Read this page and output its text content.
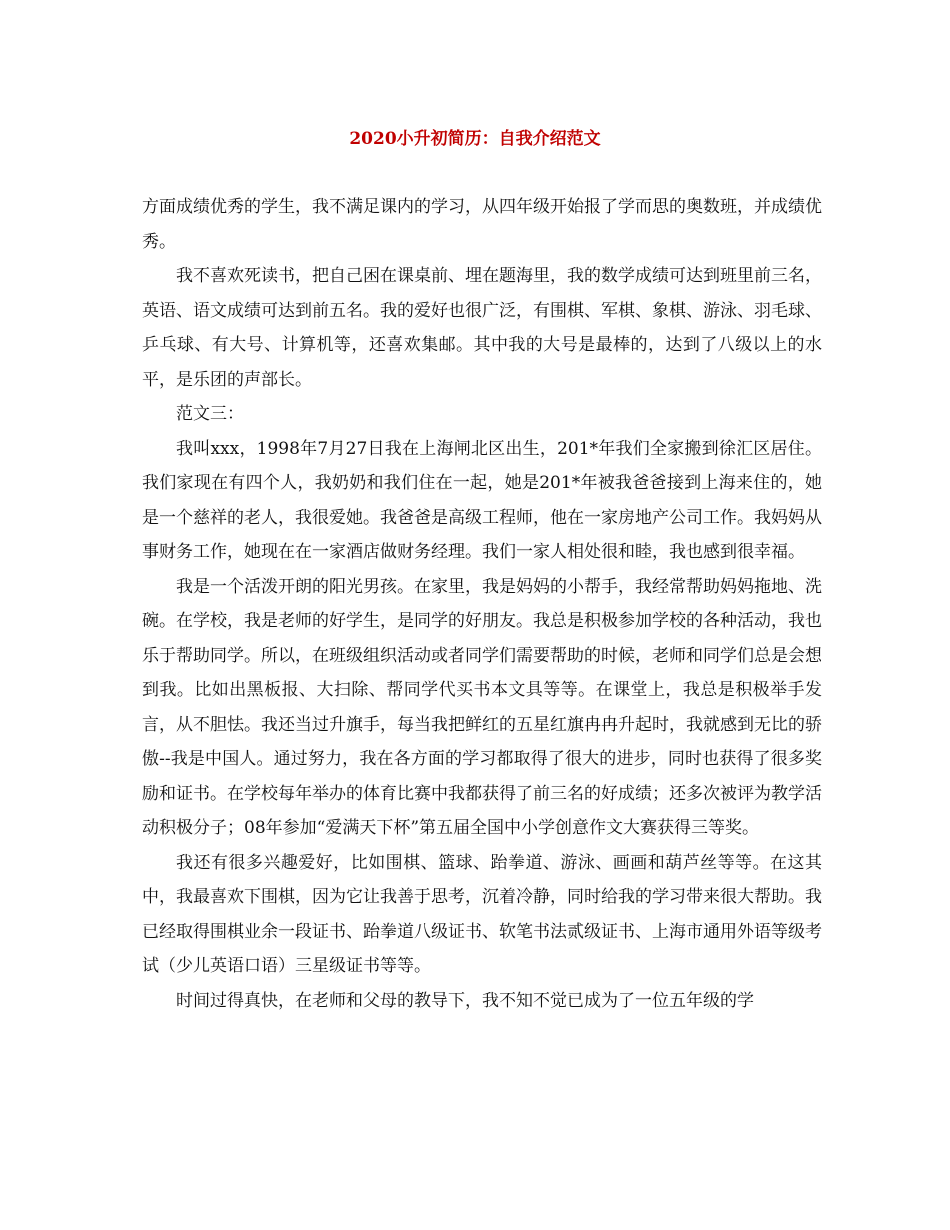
2020小升初简历：自我介绍范文

方面成绩优秀的学生，我不满足课内的学习，从四年级开始报了学而思的奥数班，并成绩优秀。

我不喜欢死读书，把自己困在课桌前、埋在题海里，我的数学成绩可达到班里前三名，英语、语文成绩可达到前五名。我的爱好也很广泛，有围棋、军棋、象棋、游泳、羽毛球、乒乓球、有大号、计算机等，还喜欢集邮。其中我的大号是最棒的，达到了八级以上的水平，是乐团的声部长。

范文三：

我叫xxx，1998年7月27日我在上海闸北区出生，201*年我们全家搬到徐汇区居住。我们家现在有四个人，我奶奶和我们住在一起，她是201*年被我爸爸接到上海来住的，她是一个慈祥的老人，我很爱她。我爸爸是高级工程师，他在一家房地产公司工作。我妈妈从事财务工作，她现在在一家酒店做财务经理。我们一家人相处很和睦，我也感到很幸福。

我是一个活泼开朗的阳光男孩。在家里，我是妈妈的小帮手，我经常帮助妈妈拖地、洗碗。在学校，我是老师的好学生，是同学的好朋友。我总是积极参加学校的各种活动，我也乐于帮助同学。所以，在班级组织活动或者同学们需要帮助的时候，老师和同学们总是会想到我。比如出黑板报、大扫除、帮同学代买书本文具等等。在课堂上，我总是积极举手发言，从不胆怯。我还当过升旗手，每当我把鲜红的五星红旗冉冉升起时，我就感到无比的骄傲--我是中国人。通过努力，我在各方面的学习都取得了很大的进步，同时也获得了很多奖励和证书。在学校每年举办的体育比赛中我都获得了前三名的好成绩；还多次被评为教学活动积极分子；08年参加“爱满天下杯”第五届全国中小学创意作文大赛获得三等奖。

我还有很多兴趣爱好，比如围棋、篮球、跆拳道、游泳、画画和葫芦丝等等。在这其中，我最喜欢下围棋，因为它让我善于思考，沉着冷静，同时给我的学习带来很大帮助。我已经取得围棋业余一段证书、跆拳道八级证书、软笔书法贰级证书、上海市通用外语等级考试（少儿英语口语）三星级证书等等。

时间过得真快，在老师和父母的教导下，我不知不觉已成为了一位五年级的学
